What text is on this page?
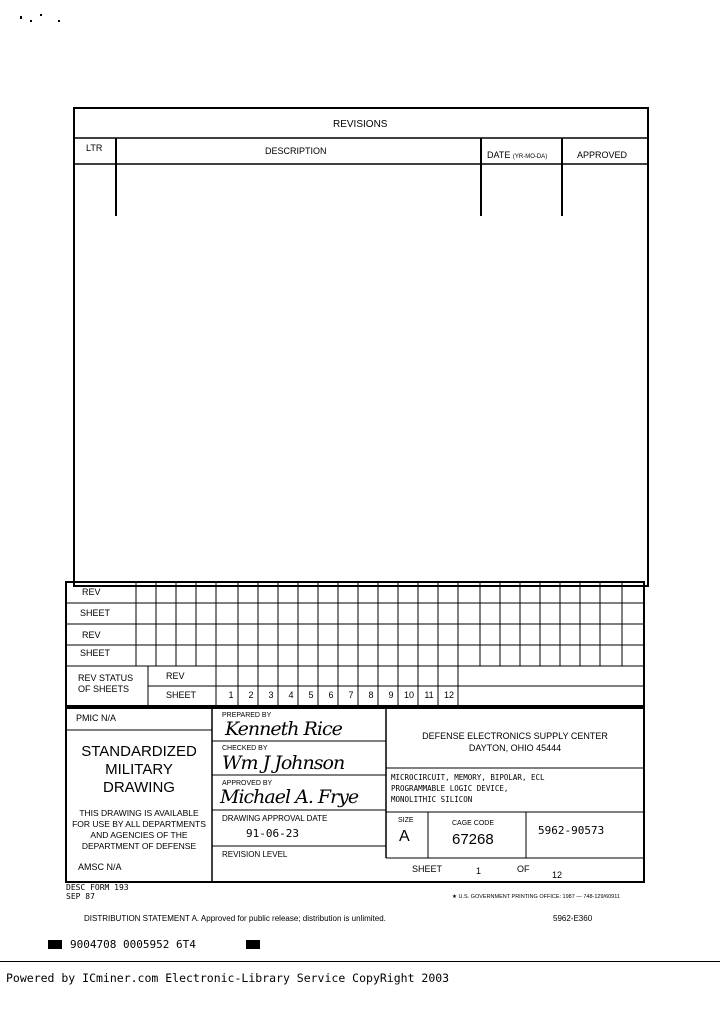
REVISIONS
LTR	DESCRIPTION	DATE (YR-MO-DA)	APPROVED
REV
SHEET
REV
SHEET
REV STATUS
OF SHEETS
REV
SHEET	1	2	3	4	5	6	7	8	9	10	11	12
PMIC N/A
STANDARDIZED
MILITARY
DRAWING
THIS DRAWING IS AVAILABLE
FOR USE BY ALL DEPARTMENTS
AND AGENCIES OF THE
DEPARTMENT OF DEFENSE
AMSC N/A
PREPARED BY
Kenneth Rice
CHECKED BY
Wm J Johnson
APPROVED BY
Michael A. Frye
DRAWING APPROVAL DATE
91-06-23
REVISION LEVEL
DEFENSE ELECTRONICS SUPPLY CENTER
DAYTON, OHIO 45444
MICROCIRCUIT, MEMORY, BIPOLAR, ECL
PROGRAMMABLE LOGIC DEVICE,
MONOLITHIC SILICON
SIZE
A
CAGE CODE
67268
5962-90573
SHEET	1	OF
12
DESC FORM 193
SEP 87	★ U.S. GOVERNMENT PRINTING OFFICE: 1987 — 748-129/60911
DISTRIBUTION STATEMENT A. Approved for public release; distribution is unlimited.	5962-E360
9004708 0005952 6T4
Powered by ICminer.com Electronic-Library Service CopyRight 2003
